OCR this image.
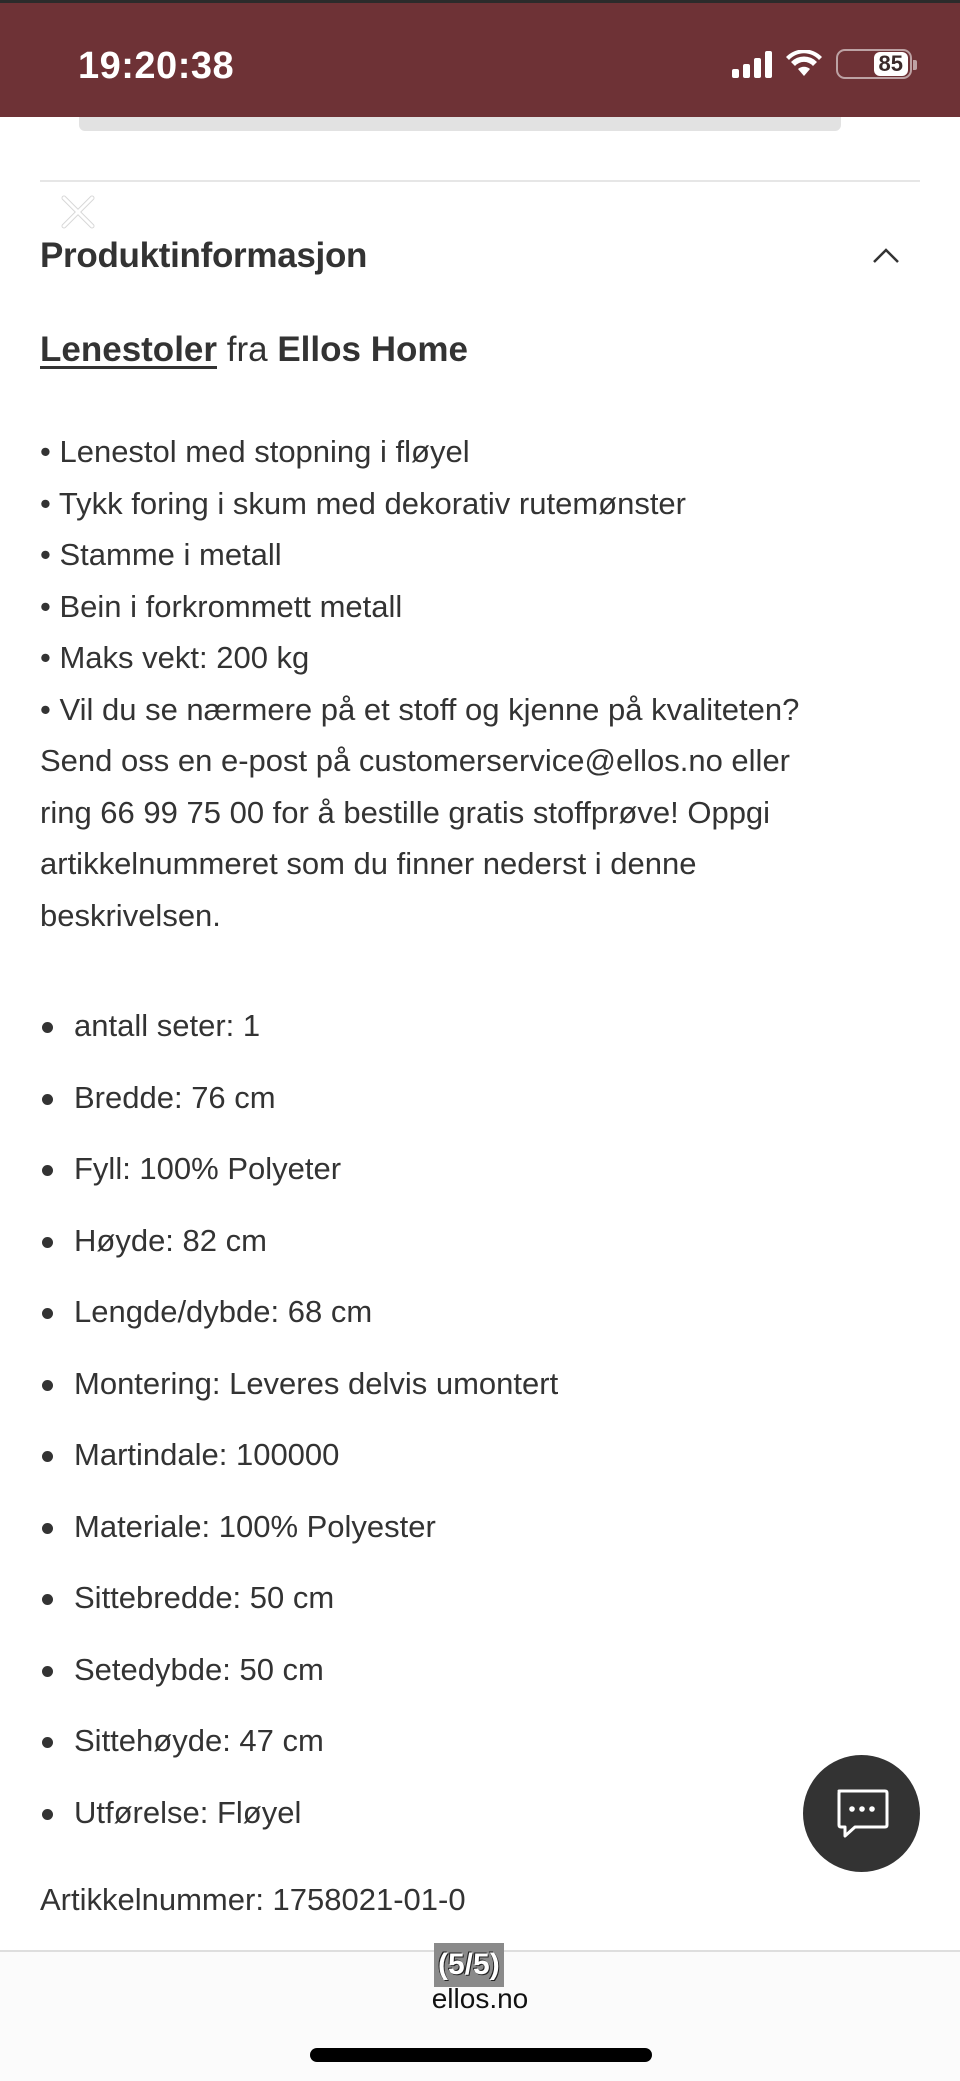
19:20:38	85
Produktinformasjon
Lenestoler fra Ellos Home
• Lenestol med stopning i fløyel
• Tykk foring i skum med dekorativ rutemønster
• Stamme i metall
• Bein i forkrommett metall
• Maks vekt: 200 kg
• Vil du se nærmere på et stoff og kjenne på kvaliteten?
Send oss en e-post på customerservice@ellos.no eller
ring 66 99 75 00 for å bestille gratis stoffprøve! Oppgi
artikkelnummeret som du finner nederst i denne
beskrivelsen.
antall seter: 1
Bredde: 76 cm
Fyll: 100% Polyeter
Høyde: 82 cm
Lengde/dybde: 68 cm
Montering: Leveres delvis umontert
Martindale: 100000
Materiale: 100% Polyester
Sittebredde: 50 cm
Setedybde: 50 cm
Sittehøyde: 47 cm
Utførelse: Fløyel
Artikkelnummer: 1758021-01-0
(5/5)
ellos.no
